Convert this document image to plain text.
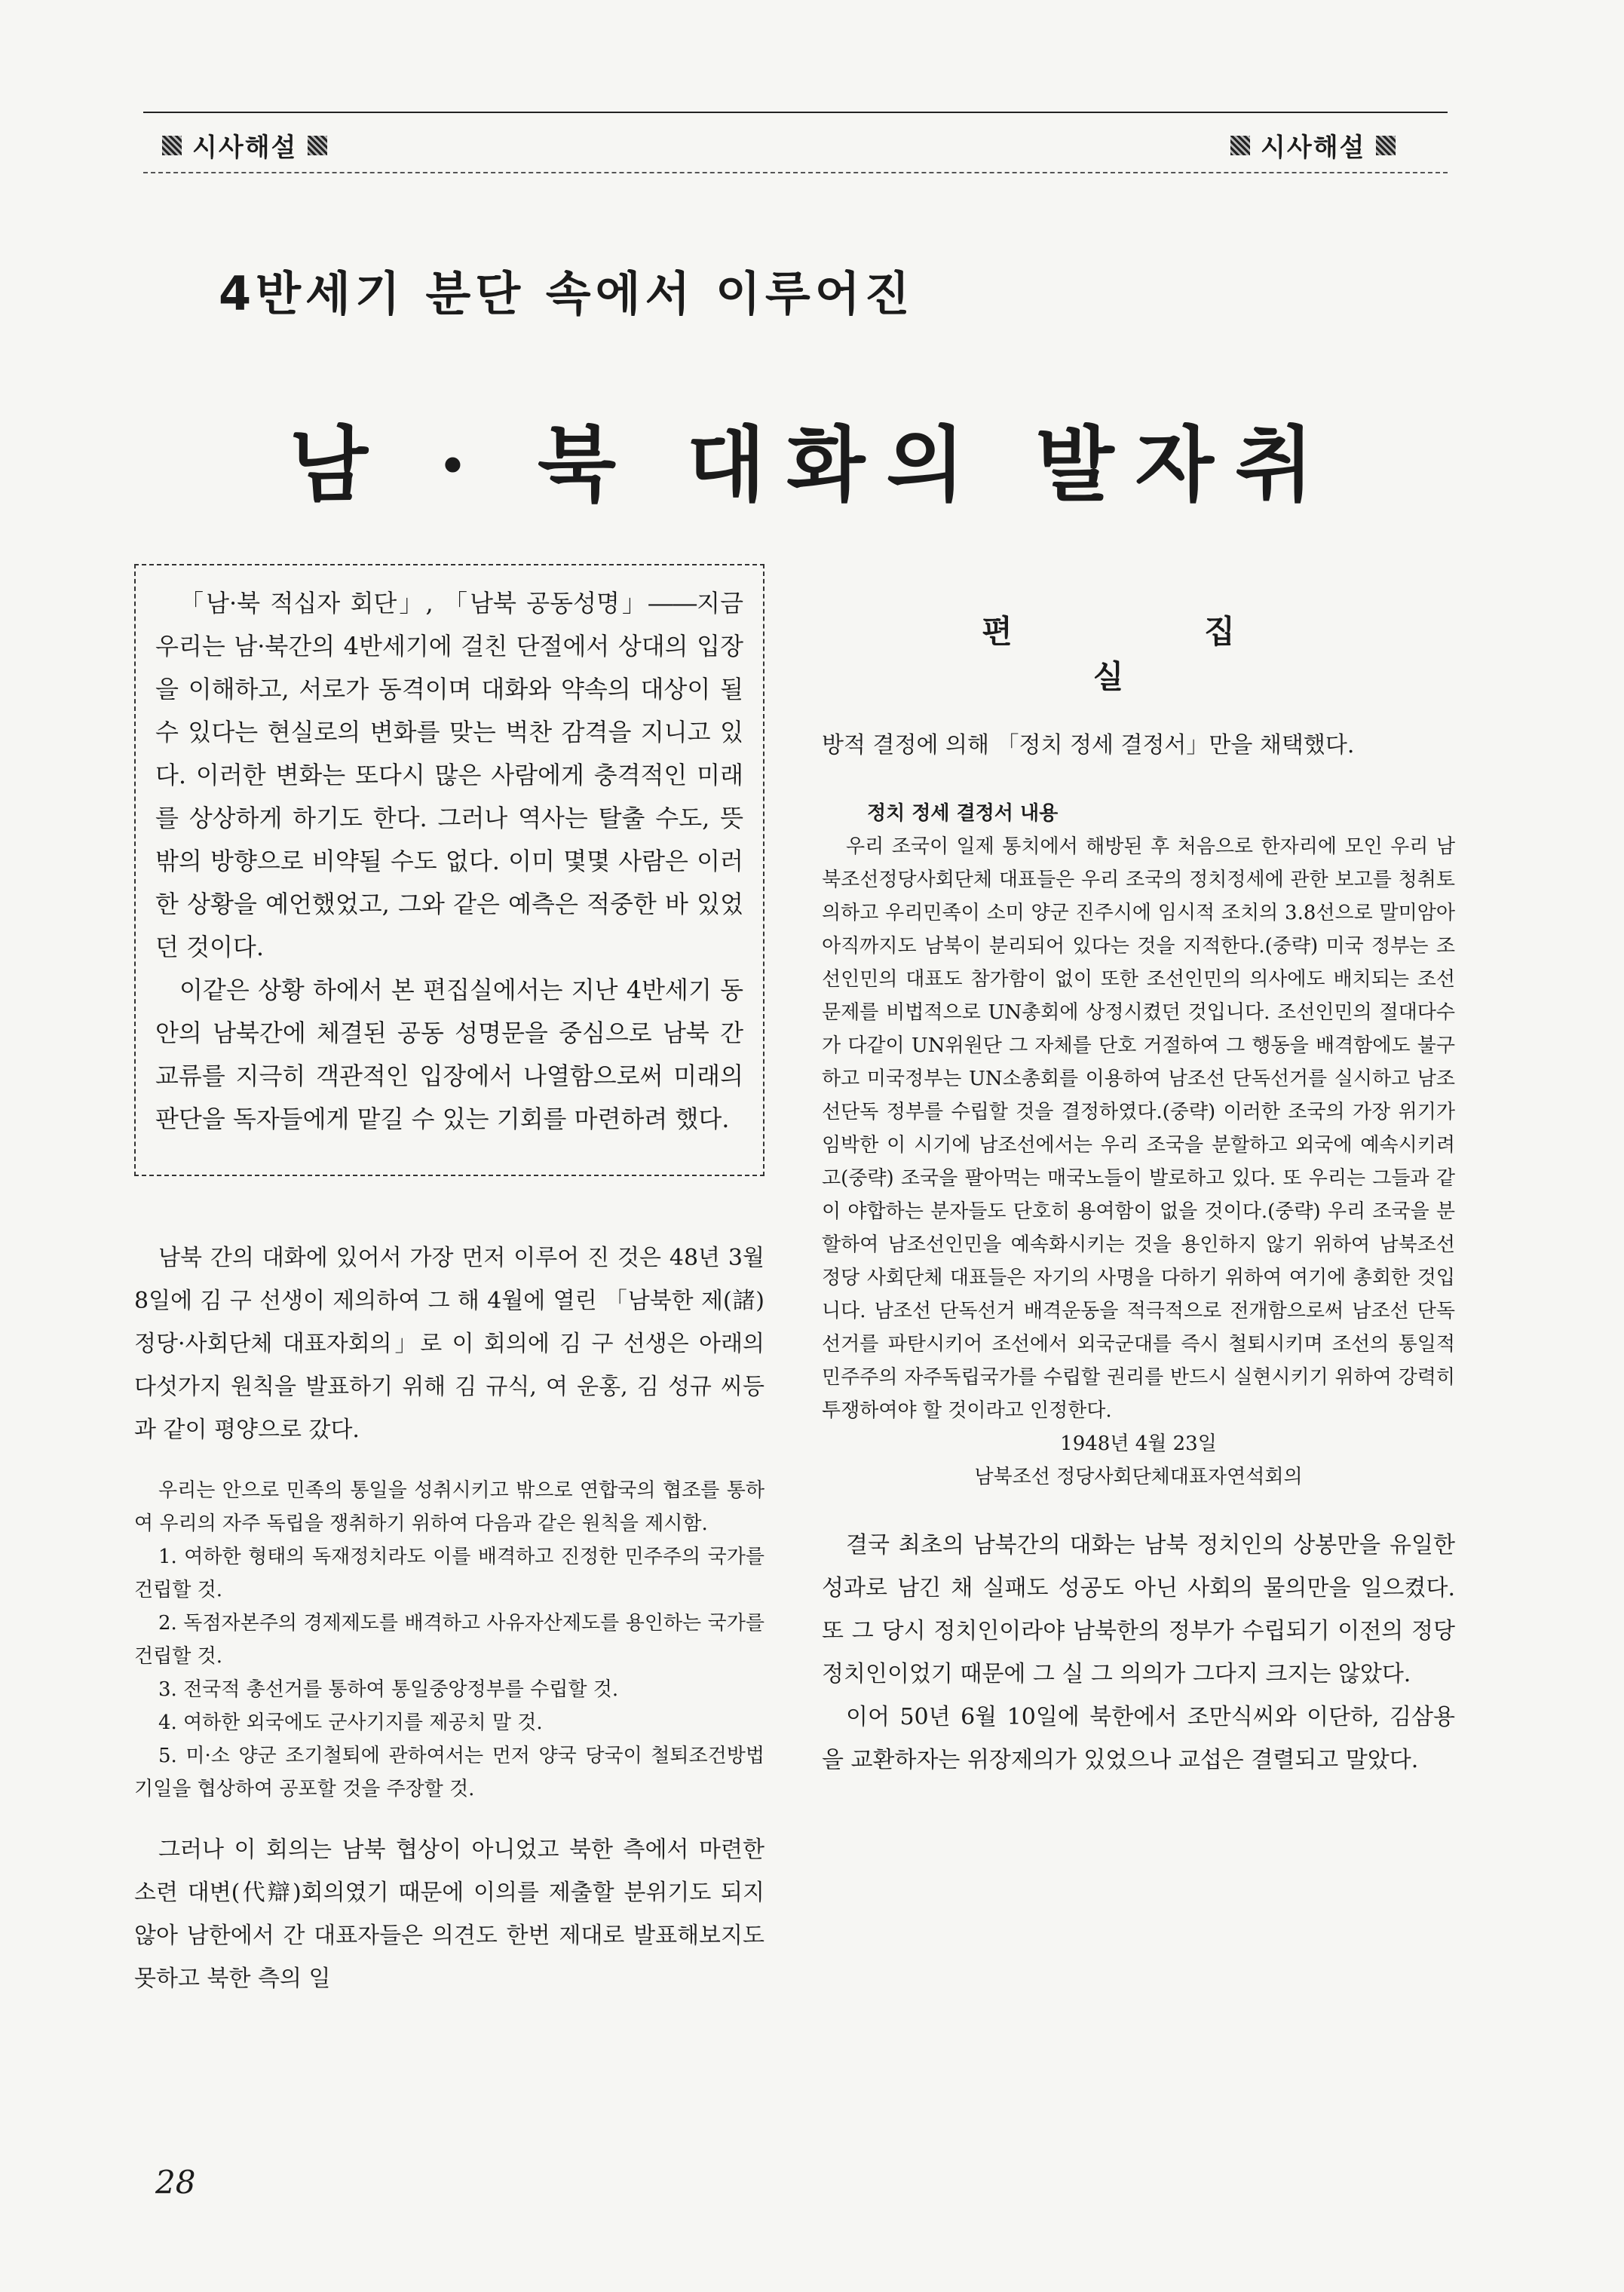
시사해설	시사해설
4반세기 분단 속에서 이루어진
남 · 북 대화의 발자취

「남·북 적십자 회단」, 「남북 공동성명」――지금 우리는 남·북간의 4반세기에 걸친 단절에서 상대의 입장을 이해하고, 서로가 동격이며 대화와 약속의 대상이 될 수 있다는 현실로의 변화를 맞는 벅찬 감격을 지니고 있다. 이러한 변화는 또다시 많은 사람에게 충격적인 미래를 상상하게 하기도 한다. 그러나 역사는 탈출 수도, 뜻밖의 방향으로 비약될 수도 없다. 이미 몇몇 사람은 이러한 상황을 예언했었고, 그와 같은 예측은 적중한 바 있었던 것이다.

이같은 상황 하에서 본 편집실에서는 지난 4반세기 동안의 남북간에 체결된 공동 성명문을 중심으로 남북 간 교류를 지극히 객관적인 입장에서 나열함으로써 미래의 판단을 독자들에게 맡길 수 있는 기회를 마련하려 했다.

편 집 실

남북 간의 대화에 있어서 가장 먼저 이루어 진 것은 48년 3월 8일에 김 구 선생이 제의하여 그 해 4월에 열린 「남북한 제(諸)정당·사회단체 대표자회의」로 이 회의에 김 구 선생은 아래의 다섯가지 원칙을 발표하기 위해 김 규식, 여 운홍, 김 성규 씨등과 같이 평양으로 갔다.

우리는 안으로 민족의 통일을 성취시키고 밖으로 연합국의 협조를 통하여 우리의 자주 독립을 쟁취하기 위하여 다음과 같은 원칙을 제시함.

1. 여하한 형태의 독재정치라도 이를 배격하고 진정한 민주주의 국가를 건립할 것.

2. 독점자본주의 경제제도를 배격하고 사유자산제도를 용인하는 국가를 건립할 것.

3. 전국적 총선거를 통하여 통일중앙정부를 수립할 것.

4. 여하한 외국에도 군사기지를 제공치 말 것.

5. 미·소 양군 조기철퇴에 관하여서는 먼저 양국 당국이 철퇴조건방법 기일을 협상하여 공포할 것을 주장할 것.

그러나 이 회의는 남북 협상이 아니었고 북한 측에서 마련한 소련 대변(代辯)회의였기 때문에 이의를 제출할 분위기도 되지 않아 남한에서 간 대표자들은 의견도 한번 제대로 발표해보지도 못하고 북한 측의 일

방적 결정에 의해 「정치 정세 결정서」만을 채택했다.

정치 정세 결정서 내용

우리 조국이 일제 통치에서 해방된 후 처음으로 한자리에 모인 우리 남북조선정당사회단체 대표들은 우리 조국의 정치정세에 관한 보고를 청취토의하고 우리민족이 소미 양군 진주시에 임시적 조치의 3.8선으로 말미암아 아직까지도 남북이 분리되어 있다는 것을 지적한다.(중략) 미국 정부는 조선인민의 대표도 참가함이 없이 또한 조선인민의 의사에도 배치되는 조선문제를 비법적으로 UN총회에 상정시켰던 것입니다. 조선인민의 절대다수가 다같이 UN위원단 그 자체를 단호 거절하여 그 행동을 배격함에도 불구하고 미국정부는 UN소총회를 이용하여 남조선 단독선거를 실시하고 남조선단독 정부를 수립할 것을 결정하였다.(중략) 이러한 조국의 가장 위기가 임박한 이 시기에 남조선에서는 우리 조국을 분할하고 외국에 예속시키려고(중략) 조국을 팔아먹는 매국노들이 발로하고 있다. 또 우리는 그들과 같이 야합하는 분자들도 단호히 용여함이 없을 것이다.(중략) 우리 조국을 분할하여 남조선인민을 예속화시키는 것을 용인하지 않기 위하여 남북조선 정당 사회단체 대표들은 자기의 사명을 다하기 위하여 여기에 총회한 것입니다. 남조선 단독선거 배격운동을 적극적으로 전개함으로써 남조선 단독선거를 파탄시키어 조선에서 외국군대를 즉시 철퇴시키며 조선의 통일적 민주주의 자주독립국가를 수립할 권리를 반드시 실현시키기 위하여 강력히 투쟁하여야 할 것이라고 인정한다.

1948년 4월 23일

남북조선 정당사회단체대표자연석회의

결국 최초의 남북간의 대화는 남북 정치인의 상봉만을 유일한 성과로 남긴 채 실패도 성공도 아닌 사회의 물의만을 일으켰다. 또 그 당시 정치인이라야 남북한의 정부가 수립되기 이전의 정당 정치인이었기 때문에 그 실 그 의의가 그다지 크지는 않았다.

이어 50년 6월 10일에 북한에서 조만식씨와 이단하, 김삼용을 교환하자는 위장제의가 있었으나 교섭은 결렬되고 말았다.

28
